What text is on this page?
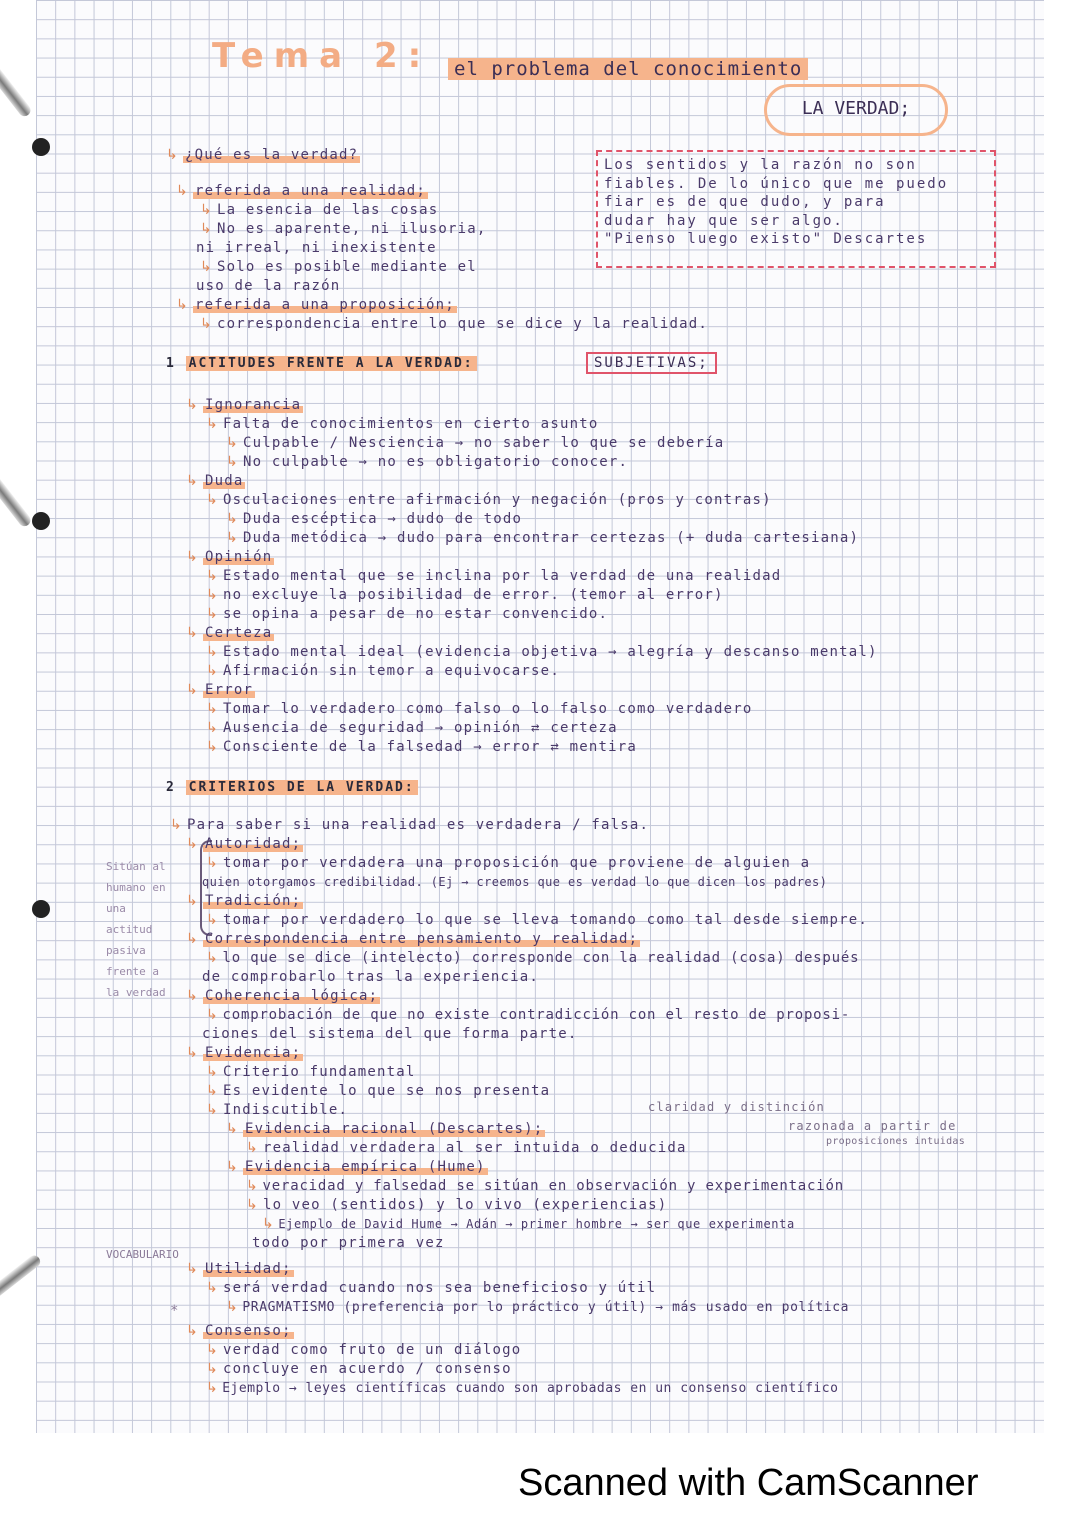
Tema 2:	el problema del conocimiento
LA VERDAD;
↳ ¿Qué es la verdad?
↳ referida a una realidad;
↳ La esencia de las cosas
↳ No es aparente, ni ilusoria,
ni irreal, ni inexistente
↳ Solo es posible mediante el
uso de la razón
↳ referida a una proposición;
↳ correspondencia entre lo que se dice y la realidad.
Los sentidos y la razón no son
fiables. De lo único que me puedo
fiar es de que dudo, y para
dudar hay que ser algo.
"Pienso luego existo" Descartes
1 ACTITUDES FRENTE A LA VERDAD:	SUBJETIVAS;
↳ Ignorancia
↳ Falta de conocimientos en cierto asunto
↳ Culpable / Nesciencia → no saber lo que se debería
↳ No culpable → no es obligatorio conocer.
↳ Duda
↳ Osculaciones entre afirmación y negación (pros y contras)
↳ Duda escéptica → dudo de todo
↳ Duda metódica → dudo para encontrar certezas (+ duda cartesiana)
↳ Opinión
↳ Estado mental que se inclina por la verdad de una realidad
↳ no excluye la posibilidad de error. (temor al error)
↳ se opina a pesar de no estar convencido.
↳ Certeza
↳ Estado mental ideal (evidencia objetiva → alegría y descanso mental)
↳ Afirmación sin temor a equivocarse.
↳ Error
↳ Tomar lo verdadero como falso o lo falso como verdadero
↳ Ausencia de seguridad → opinión ⇄ certeza
↳ Consciente de la falsedad → error ⇄ mentira
2 CRITERIOS DE LA VERDAD:
↳ Para saber si una realidad es verdadera / falsa.
↳ Autoridad;
↳ tomar por verdadera una proposición que proviene de alguien a
quien otorgamos credibilidad. (Ej → creemos que es verdad lo que dicen los padres)
↳ Tradición;
↳ tomar por verdadero lo que se lleva tomando como tal desde siempre.
↳ Correspondencia entre pensamiento y realidad;
↳ lo que se dice (intelecto) corresponde con la realidad (cosa) después
de comprobarlo tras la experiencia.
↳ Coherencia lógica;
↳ comprobación de que no existe contradicción con el resto de proposi-
ciones del sistema del que forma parte.
↳ Evidencia;
↳ Criterio fundamental
↳ Es evidente lo que se nos presenta
↳ Indiscutible.	claridad y distinción
↳ Evidencia racional (Descartes);	razonada a partir de
↳ realidad verdadera al ser intuida o deducida	proposiciones intuidas
↳ Evidencia empírica (Hume)
↳ veracidad y falsedad se sitúan en observación y experimentación
↳ lo veo (sentidos) y lo vivo (experiencias)
↳ Ejemplo de David Hume → Adán → primer hombre → ser que experimenta
todo por primera vez
↳ Utilidad;
↳ será verdad cuando nos sea beneficioso y útil
↳ PRAGMATISMO (preferencia por lo práctico y útil) → más usado en política
↳ Consenso;
↳ verdad como fruto de un diálogo
↳ concluye en acuerdo / consenso
↳ Ejemplo → leyes científicas cuando son aprobadas en un consenso científico
Sitúan al
humano en
una
actitud
pasiva
frente a
la verdad
VOCABULARIO
*
Scanned with CamScanner
